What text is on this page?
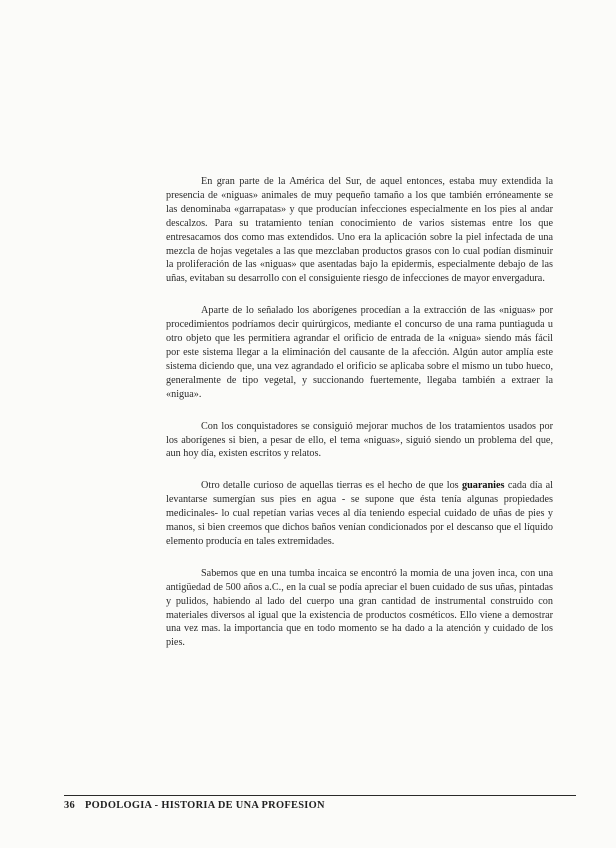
En gran parte de la América del Sur, de aquel entonces, estaba muy extendida la presencia de «niguas» animales de muy pequeño tamaño a los que también erróneamente se las denominaba «garrapatas» y que producían infecciones especialmente en los pies al andar descalzos. Para su tratamiento tenían conocimiento de varios sistemas entre los que entresacamos dos como mas extendidos. Uno era la aplicación sobre la piel infectada de una mezcla de hojas vegetales a las que mezclaban productos grasos con lo cual podían disminuir la proliferación de las «niguas» que asentadas bajo la epidermis, especialmente debajo de las uñas, evitaban su desarrollo con el consiguiente riesgo de infecciones de mayor envergadura.

Aparte de lo señalado los aborígenes procedían a la extracción de las «niguas» por procedimientos podríamos decir quirúrgicos, mediante el concurso de una rama puntiaguda u otro objeto que les permitiera agrandar el orificio de entrada de la «nigua» siendo más fácil por este sistema llegar a la eliminación del causante de la afección. Algún autor amplía este sistema diciendo que, una vez agrandado el orificio se aplicaba sobre el mismo un tubo hueco, generalmente de tipo vegetal, y succionando fuertemente, llegaba también a extraer la «nigua».

Con los conquistadores se consiguió mejorar muchos de los tratamientos usados por los aborígenes si bien, a pesar de ello, el tema «niguas», siguió siendo un problema del que, aun hoy día, existen escritos y relatos.

Otro detalle curioso de aquellas tierras es el hecho de que los guaranies cada día al levantarse sumergían sus pies en agua - se supone que ésta tenía algunas propiedades medicinales- lo cual repetían varias veces al día teniendo especial cuidado de uñas de pies y manos, si bien creemos que dichos baños venían condicionados por el descanso que el líquido elemento producía en tales extremidades.

Sabemos que en una tumba incaica se encontró la momia de una joven inca, con una antigüedad de 500 años a.C., en la cual se podía apreciar el buen cuidado de sus uñas, pintadas y pulidos, habiendo al lado del cuerpo una gran cantidad de instrumental construido con materiales diversos al igual que la existencia de productos cosméticos. Ello viene a demostrar una vez mas. la importancia que en todo momento se ha dado a la atención y cuidado de los pies.

36 PODOLOGIA - HISTORIA DE UNA PROFESION
